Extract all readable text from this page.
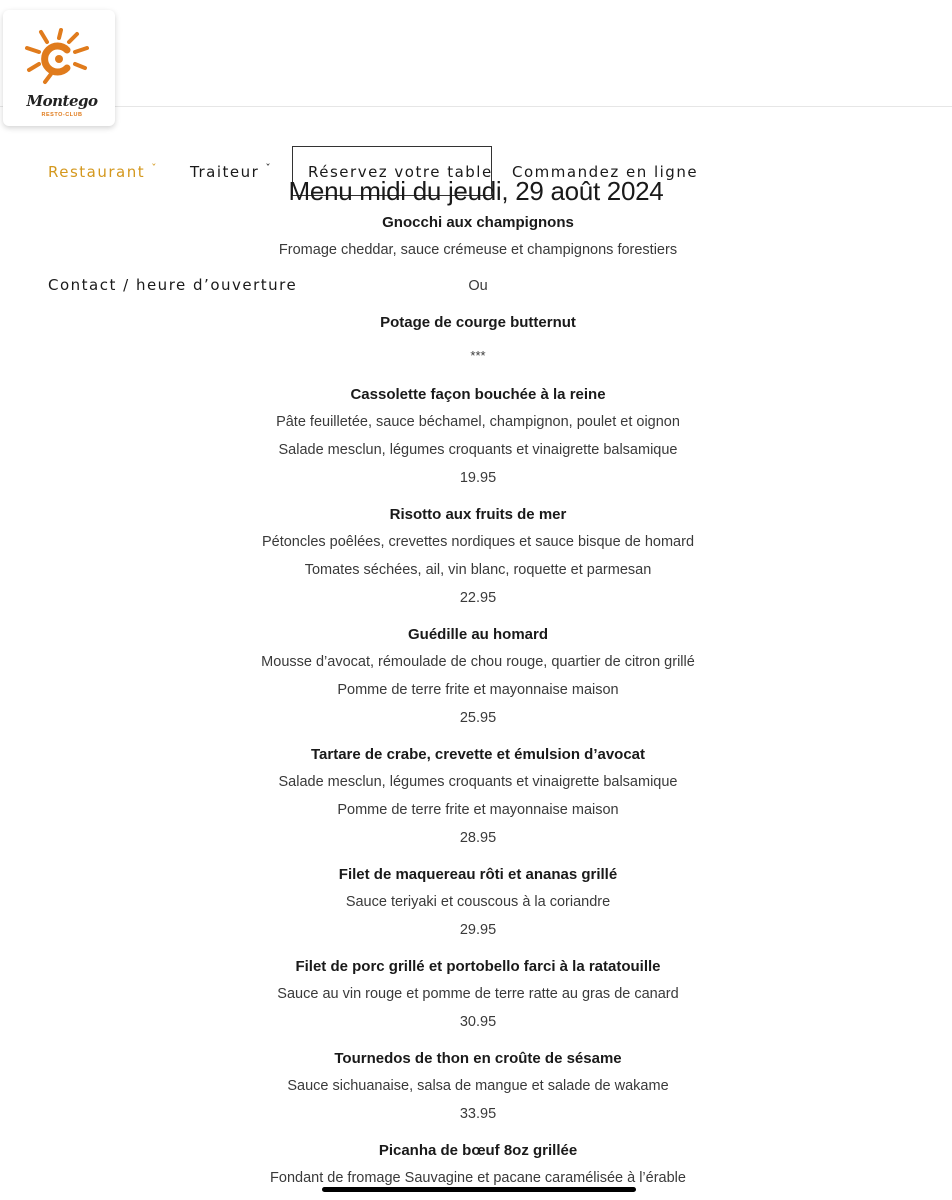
Montego
RESTO-CLUB
Restaurant $^ˇ$ Traiteur $^ˇ$ Réservez votre table Commandez en ligne
Contact / heure d’ouverture
Menu midi du jeudi, 29 août 2024
Gnocchi aux champignons
Fromage cheddar, sauce crémeuse et champignons forestiers
Ou
Potage de courge butternut
***
Cassolette façon bouchée à la reine
Pâte feuilletée, sauce béchamel, champignon, poulet et oignon
Salade mesclun, légumes croquants et vinaigrette balsamique
19.95
Risotto aux fruits de mer
Pétoncles poêlées, crevettes nordiques et sauce bisque de homard
Tomates séchées, ail, vin blanc, roquette et parmesan
22.95
Guédille au homard
Mousse d’avocat, rémoulade de chou rouge, quartier de citron grillé
Pomme de terre frite et mayonnaise maison
25.95
Tartare de crabe, crevette et émulsion d’avocat
Salade mesclun, légumes croquants et vinaigrette balsamique
Pomme de terre frite et mayonnaise maison
28.95
Filet de maquereau rôti et ananas grillé
Sauce teriyaki et couscous à la coriandre
29.95
Filet de porc grillé et portobello farci à la ratatouille
Sauce au vin rouge et pomme de terre ratte au gras de canard
30.95
Tournedos de thon en croûte de sésame
Sauce sichuanaise, salsa de mangue et salade de wakame
33.95
Picanha de bœuf 8oz grillée
Fondant de fromage Sauvagine et pacane caramélisée à l’érable
